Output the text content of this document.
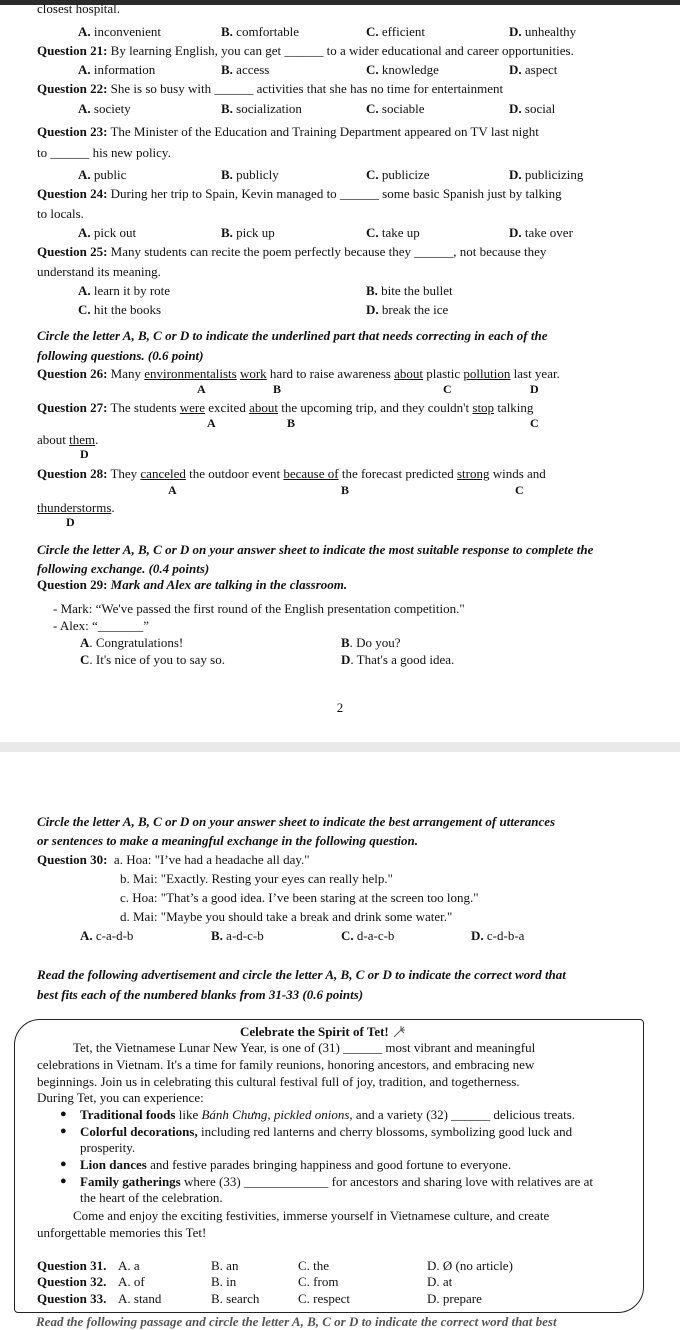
closest hospital.
A. inconvenient	B. comfortable	C. efficient	D. unhealthy
Question 21: By learning English, you can get ______ to a wider educational and career opportunities.
A. information	B. access	C. knowledge	D. aspect
Question 22: She is so busy with ______ activities that she has no time for entertainment
A. society	B. socialization	C. sociable	D. social
Question 23: The Minister of the Education and Training Department appeared on TV last night
to ______ his new policy.
A. public	B. publicly	C. publicize	D. publicizing
Question 24: During her trip to Spain, Kevin managed to ______ some basic Spanish just by talking
to locals.
A. pick out	B. pick up	C. take up	D. take over
Question 25: Many students can recite the poem perfectly because they ______, not because they
understand its meaning.
A. learn it by rote	B. bite the bullet
C. hit the books	D. break the ice
Circle the letter A, B, C or D to indicate the underlined part that needs correcting in each of the
following questions. (0.6 point)
Question 26: Many environmentalists work hard to raise awareness about plastic pollution last year.
A	B	C	D
Question 27: The students were excited about the upcoming trip, and they couldn't stop talking
A	B	C
about them.
D
Question 28: They canceled the outdoor event because of the forecast predicted strong winds and
A	B	C
thunderstorms.
D
Circle the letter A, B, C or D on your answer sheet to indicate the most suitable response to complete the
following exchange. (0.4 points)
Question 29: Mark and Alex are talking in the classroom.
- Mark: “We've passed the first round of the English presentation competition."
- Alex: “_______”
A. Congratulations!	B. Do you?
C. It's nice of you to say so.	D. That's a good idea.
2
Circle the letter A, B, C or D on your answer sheet to indicate the best arrangement of utterances
or sentences to make a meaningful exchange in the following question.
Question 30: a. Hoa: "I’ve had a headache all day."
b. Mai: "Exactly. Resting your eyes can really help."
c. Hoa: "That’s a good idea. I’ve been staring at the screen too long."
d. Mai: "Maybe you should take a break and drink some water."
A. c-a-d-b	B. a-d-c-b	C. d-a-c-b	D. c-d-b-a
Read the following advertisement and circle the letter A, B, C or D to indicate the correct word that
best fits each of the numbered blanks from 31-33 (0.6 points)
Celebrate the Spirit of Tet!
Tet, the Vietnamese Lunar New Year, is one of (31) ______ most vibrant and meaningful
celebrations in Vietnam. It's a time for family reunions, honoring ancestors, and embracing new
beginnings. Join us in celebrating this cultural festival full of joy, tradition, and togetherness.
During Tet, you can experience:
● Traditional foods like Bánh Chưng, pickled onions, and a variety (32) ______ delicious treats.
● Colorful decorations, including red lanterns and cherry blossoms, symbolizing good luck and
prosperity.
● Lion dances and festive parades bringing happiness and good fortune to everyone.
● Family gatherings where (33) _____________ for ancestors and sharing love with relatives are at
the heart of the celebration.
Come and enjoy the exciting festivities, immerse yourself in Vietnamese culture, and create
unforgettable memories this Tet!
Question 31. A. a	B. an	C. the	D. Ø (no article)
Question 32. A. of	B. in	C. from	D. at
Question 33. A. stand	B. search	C. respect	D. prepare
Read the following passage and circle the letter A, B, C or D to indicate the correct word that best
